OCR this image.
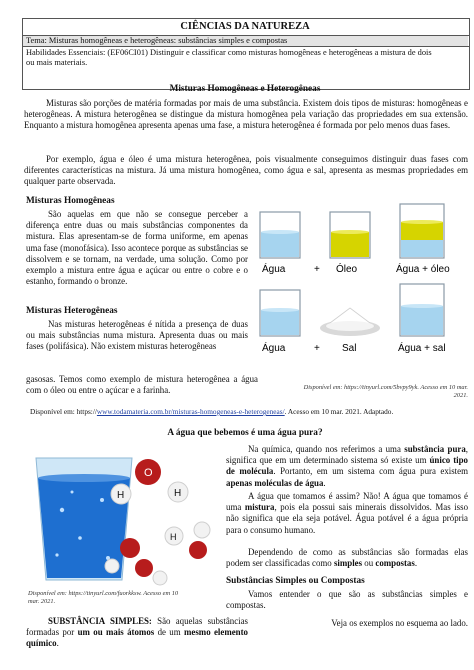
CIÊNCIAS DA NATUREZA
Tema: Misturas homogêneas e heterogêneas: substâncias simples e compostas
Habilidades Essenciais: (EF06CI01) Distinguir e classificar como misturas homogêneas e heterogêneas a mistura de dois
ou mais materiais.
Misturas Homogêneas e Heterogêneas
Misturas são porções de matéria formadas por mais de uma substância. Existem dois tipos de misturas: homogêneas e heterogêneas. A mistura heterogênea se distingue da mistura homogênea pela variação das propriedades em sua extensão. Enquanto a mistura homogênea apresenta apenas uma fase, a mistura heterogênea é formada por pelo menos duas fases.
Por exemplo, água e óleo é uma mistura heterogênea, pois visualmente conseguimos distinguir duas fases com diferentes características na mistura. Já uma mistura homogênea, como água e sal, apresenta as mesmas propriedades em qualquer parte observada.
Misturas Homogêneas
São aquelas em que não se consegue perceber a diferença entre duas ou mais substâncias componentes da mistura. Elas apresentam-se de forma uniforme, em apenas uma fase (monofásica). Isso acontece porque as substâncias se dissolvem e se tornam, na verdade, uma solução. Como por exemplo a mistura entre água e açúcar ou entre o cobre e o estanho, formando o bronze.
Misturas Heterogêneas
Nas misturas heterogêneas é nítida a presença de duas ou mais substâncias numa mistura. Apresenta duas ou mais fases (polifásica). Não existem misturas heterogêneas
gasosas. Temos como exemplo de mistura heterogênea a água com o óleo ou entre o açúcar e a farinha.
Água	+ Óleo	Água + óleo
Água	+ Sal	Água + sal
Disponível em: https://tinyurl.com/5bvpy9yk. Acesso em 10 mar.
2021.
Disponível em: https://www.todamateria.com.br/misturas-homogeneas-e-heterogeneas/. Acesso em 10 mar. 2021. Adaptado.
A água que bebemos é uma água pura?
O
H	H
H
Disponível em: https://tinyurl.com/fuorkksw. Acesso em 10
mar. 2021.
Na química, quando nos referimos a uma substância pura, significa que em um determinado sistema só existe um único tipo de molécula. Portanto, em um sistema com água pura existem apenas moléculas de água.
A água que tomamos é assim? Não! A água que tomamos é uma mistura, pois ela possui sais minerais dissolvidos. Mas isso não significa que ela seja potável. Água potável é a água própria para o consumo humano.
Dependendo de como as substâncias são formadas elas podem ser classificadas como simples ou compostas.
Substâncias Simples ou Compostas
Vamos entender o que são as substâncias simples e compostas.
SUBSTÂNCIA SIMPLES: São aquelas substâncias formadas por um ou mais átomos de um mesmo elemento químico.
Veja os exemplos no esquema ao lado.
